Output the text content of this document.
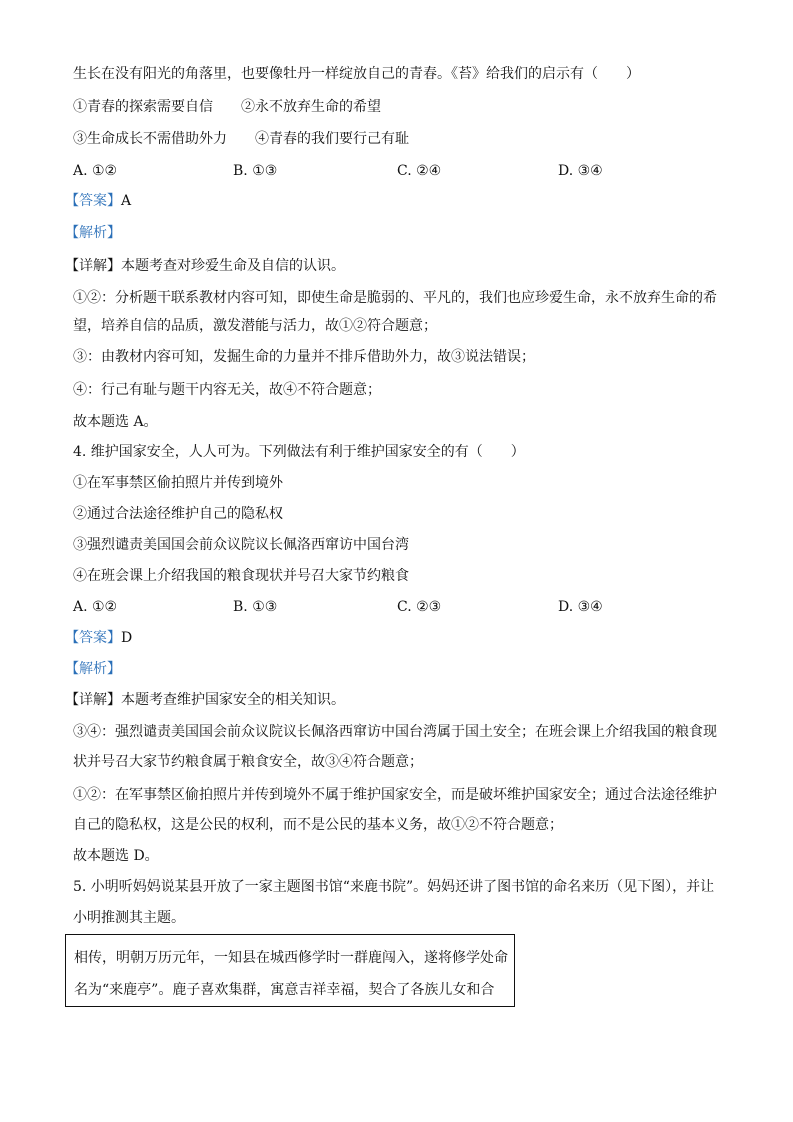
生长在没有阳光的角落里，也要像牡丹一样绽放自己的青春。《苔》给我们的启示有（　　）
①青春的探索需要自信　　②永不放弃生命的希望
③生命成长不需借助外力　　④青春的我们要行己有耻
A. ①②	B. ①③	C. ②④	D. ③④
【答案】A
【解析】
【详解】本题考查对珍爱生命及自信的认识。
①②：分析题干联系教材内容可知，即使生命是脆弱的、平凡的，我们也应珍爱生命，永不放弃生命的希
望，培养自信的品质，激发潜能与活力，故①②符合题意；
③：由教材内容可知，发掘生命的力量并不排斥借助外力，故③说法错误；
④：行己有耻与题干内容无关，故④不符合题意；
故本题选 A。
4. 维护国家安全，人人可为。下列做法有利于维护国家安全的有（　　）
①在军事禁区偷拍照片并传到境外
②通过合法途径维护自己的隐私权
③强烈谴责美国国会前众议院议长佩洛西窜访中国台湾
④在班会课上介绍我国的粮食现状并号召大家节约粮食
A. ①②	B. ①③	C. ②③	D. ③④
【答案】D
【解析】
【详解】本题考查维护国家安全的相关知识。
③④：强烈谴责美国国会前众议院议长佩洛西窜访中国台湾属于国土安全；在班会课上介绍我国的粮食现
状并号召大家节约粮食属于粮食安全，故③④符合题意；
①②：在军事禁区偷拍照片并传到境外不属于维护国家安全，而是破坏维护国家安全；通过合法途径维护
自己的隐私权，这是公民的权利，而不是公民的基本义务，故①②不符合题意；
故本题选 D。
5. 小明听妈妈说某县开放了一家主题图书馆“来鹿书院”。妈妈还讲了图书馆的命名来历（见下图），并让
小明推测其主题。
相传，明朝万历元年，一知县在城西修学时一群鹿闯入，遂将修学处命
名为“来鹿亭”。鹿子喜欢集群，寓意吉祥幸福，契合了各族儿女和合
